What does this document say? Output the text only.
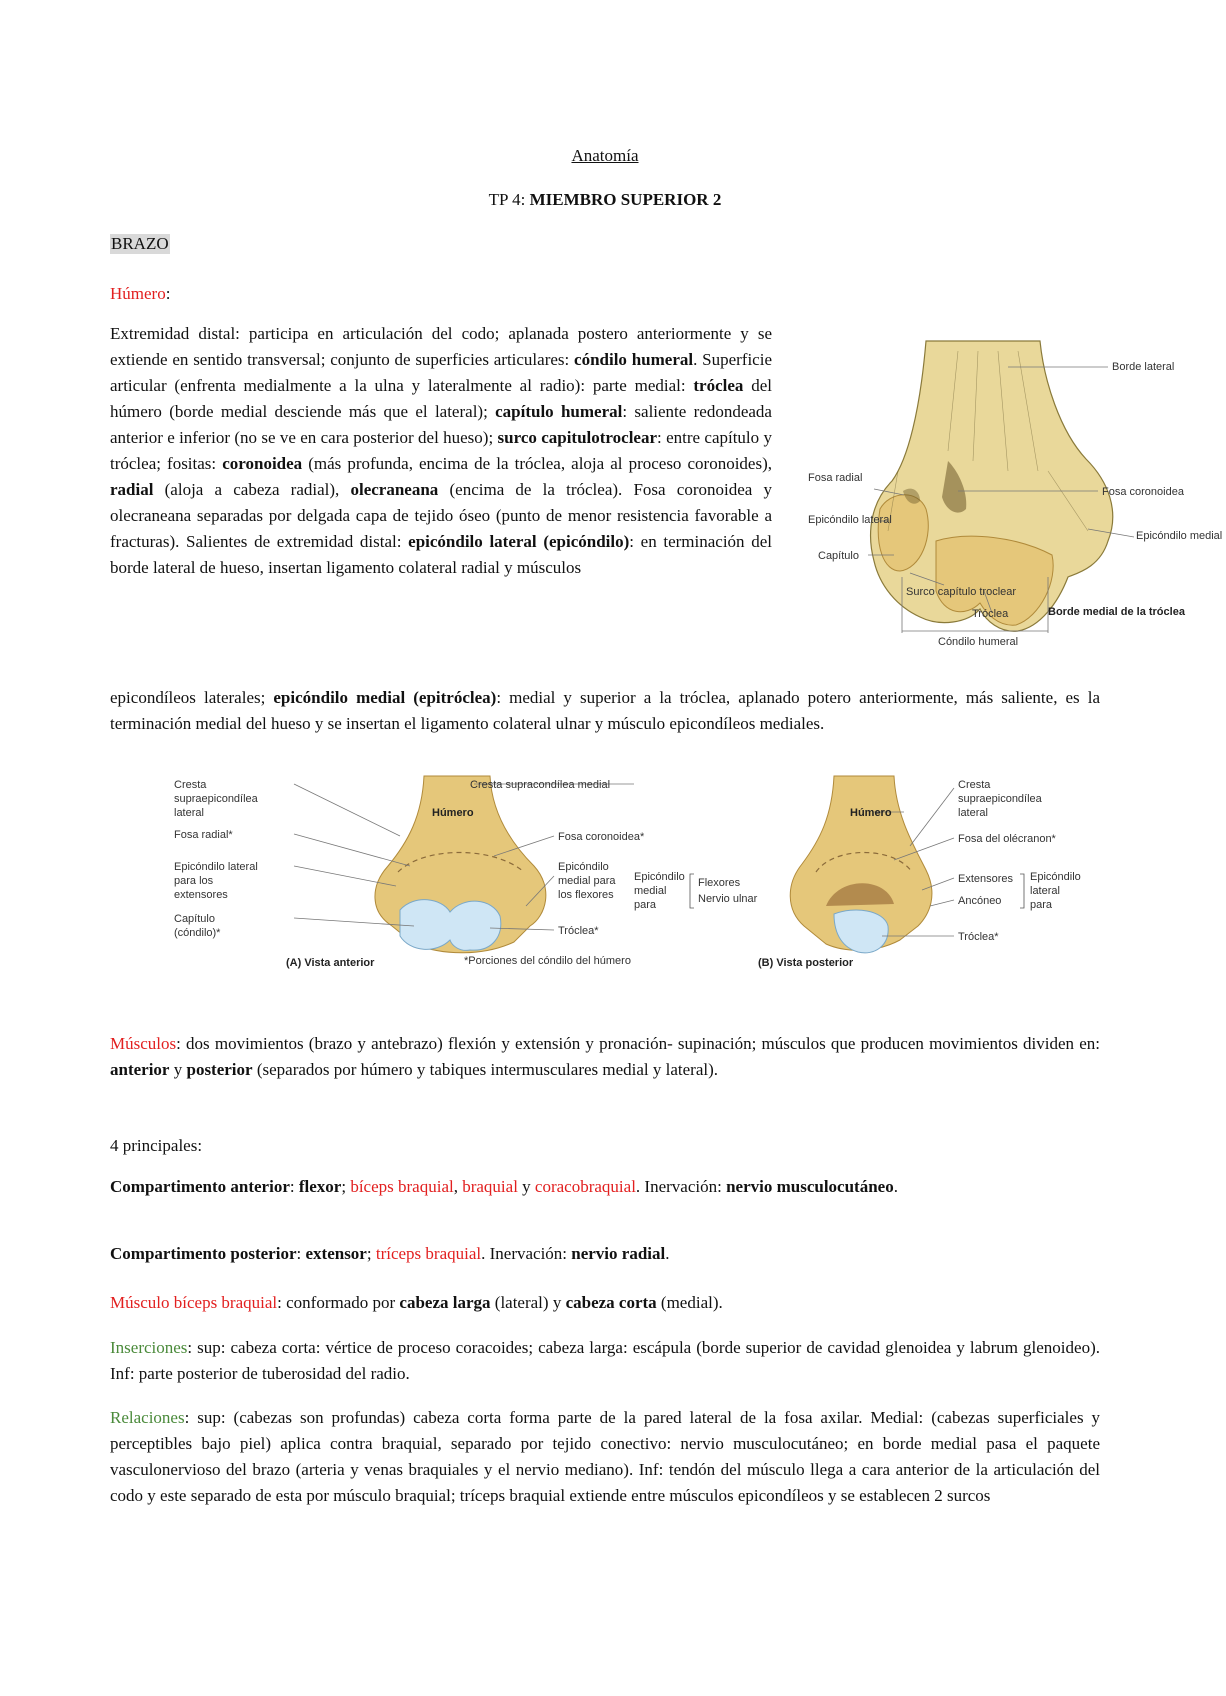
Anatomía
TP 4: MIEMBRO SUPERIOR 2
BRAZO
Húmero:
Extremidad distal: participa en articulación del codo; aplanada postero anteriormente y se extiende en sentido transversal; conjunto de superficies articulares: cóndilo humeral. Superficie articular (enfrenta medialmente a la ulna y lateralmente al radio): parte medial: tróclea del húmero (borde medial desciende más que el lateral); capítulo humeral: saliente redondeada anterior e inferior (no se ve en cara posterior del hueso); surco capitulotroclear: entre capítulo y tróclea; fositas: coronoidea (más profunda, encima de la tróclea, aloja al proceso coronoides), radial (aloja a cabeza radial), olecraneana (encima de la tróclea). Fosa coronoidea y olecraneana separadas por delgada capa de tejido óseo (punto de menor resistencia favorable a fracturas). Salientes de extremidad distal: epicóndilo lateral (epicóndilo): en terminación del borde lateral de hueso, insertan ligamento colateral radial y músculos
epicondíleos laterales; epicóndilo medial (epitróclea): medial y superior a la tróclea, aplanado potero anteriormente, más saliente, es la terminación medial del hueso y se insertan el ligamento colateral ulnar y músculo epicondíleos mediales.
Borde lateral
Fosa radial
Fosa coronoidea
Epicóndilo lateral
Epicóndilo medial
Capítulo
Surco capítulo troclear
Tróclea	Borde medial de la tróclea
Cóndilo humeral
Cresta
supraepicondílea
lateral	Húmero
Fosa radial*
Epicóndilo lateral
para los
extensores
Capítulo
(cóndilo)*
Cresta supracondílea medial
Fosa coronoidea*
Epicóndilo
medial para
los flexores
Tróclea*
(A) Vista anterior	*Porciones del cóndilo del húmero
Epicóndilo
medial
para
Flexores
Nervio ulnar
Húmero
Cresta
supraepicondílea
lateral
Fosa del olécranon*
Extensores
Ancóneo
Epicóndilo
lateral
para
Tróclea*
(B) Vista posterior
Músculos: dos movimientos (brazo y antebrazo) flexión y extensión y pronación- supinación; músculos que producen movimientos dividen en: anterior y posterior (separados por húmero y tabiques intermusculares medial y lateral).
4 principales:
Compartimento anterior: flexor; bíceps braquial, braquial y coracobraquial. Inervación: nervio musculocutáneo.
Compartimento posterior: extensor; tríceps braquial. Inervación: nervio radial.
Músculo bíceps braquial: conformado por cabeza larga (lateral) y cabeza corta (medial).
Inserciones: sup: cabeza corta: vértice de proceso coracoides; cabeza larga: escápula (borde superior de cavidad glenoidea y labrum glenoideo). Inf: parte posterior de tuberosidad del radio.
Relaciones: sup: (cabezas son profundas) cabeza corta forma parte de la pared lateral de la fosa axilar. Medial: (cabezas superficiales y perceptibles bajo piel) aplica contra braquial, separado por tejido conectivo: nervio musculocutáneo; en borde medial pasa el paquete vasculonervioso del brazo (arteria y venas braquiales y el nervio mediano). Inf: tendón del músculo llega a cara anterior de la articulación del codo y este separado de esta por músculo braquial; tríceps braquial extiende entre músculos epicondíleos y se establecen 2 surcos
